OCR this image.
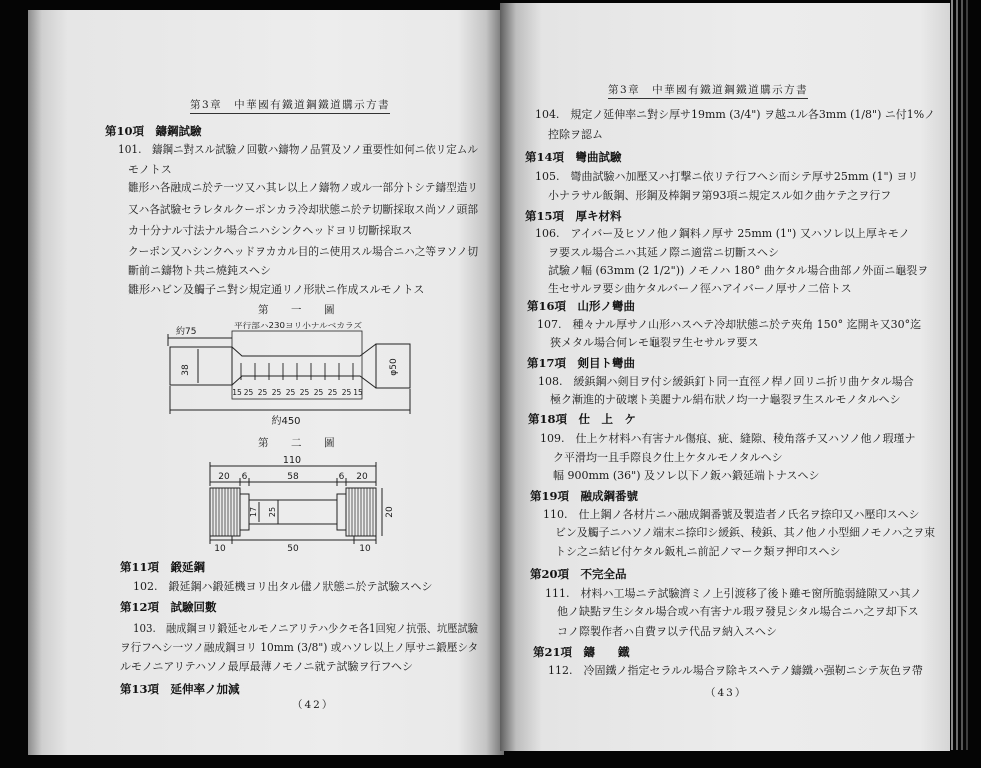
第3章　中華國有鐵道鋼鐵道購示方書
第10項　鑄鋼試驗
101.　鑄鋼ニ對スル試驗ノ回數ハ鑄物ノ品質及ソノ重要性如何ニ依リ定ムル
モノトス
雛形ハ各融成ニ於テ一ツ又ハ其レ以上ノ鑄物ノ或ル一部分トシテ鑄型造リ
又ハ各試驗セラレタルクーポンカラ冷却狀態ニ於テ切斷採取ス尚ソノ頭部
カ十分ナル寸法ナル場合ニハシンクヘッドヨリ切斷採取ス
クーポン又ハシンクヘッドヲカカル目的ニ使用スル場合ニハ之等ヲソノ切
斷前ニ鑄物ト共ニ燒鈍スヘシ
雛形ハビン及觸子ニ對シ規定通リノ形狀ニ作成スルモノトス
第　一　圖
第　二　圖
第11項　鍛延鋼
102.　鍛延鋼ハ鍛延機ヨリ出タル儘ノ狀態ニ於テ試驗スヘシ
第12項　試驗回數
103.　融成鋼ヨリ鍛延セルモノニアリテハ少クモ各1回宛ノ抗張、坑壓試驗
ヲ行フヘシ一ツノ融成鋼ヨリ 10mm (3/8") 或ハソレ以上ノ厚サニ鍛壓シタ
ルモノニアリテハソノ最厚最薄ノモノニ就テ試驗ヲ行フヘシ
第13項　延伸率ノ加減
（42）
第3章　中華國有鐵道鋼鐵道購示方書
104.　規定ノ延伸率ニ對シ厚サ19mm (3/4") ヲ越ユル各3mm (1/8") ニ付1%ノ
控除ヲ認ム
第14項　彎曲試驗
105.　彎曲試驗ハ加壓又ハ打撃ニ依リテ行フヘシ而シテ厚サ25mm (1") ヨリ
小ナラサル飯鋼、形鋼及棒鋼ヲ第93項ニ規定スル如ク曲ケテ之ヲ行フ
第15項　厚キ材料
106.　アイバー及ヒソノ他ノ鋼料ノ厚サ 25mm (1") 又ハソレ以上厚キモノ
ヲ要スル場合ニハ其延ノ際ニ適當ニ切斷スヘシ
試驗ノ幅 (63mm (2 1/2")) ノモノハ 180° 曲ケタル場合曲部ノ外面ニ龜裂ヲ
生セサルヲ要シ曲ケタルバーノ徑ハアイバーノ厚サノ二倍トス
第16項　山形ノ彎曲
107.　種々ナル厚サノ山形ハスヘテ冷却狀態ニ於テ夾角 150° 迄開キ又30°迄
狹メタル場合何レモ龜裂ヲ生セサルヲ要ス
第17項　剣目ト彎曲
108.　緩鋲鋼ハ剣目ヲ付シ緩鋲釘ト同一直徑ノ桿ノ回リニ折リ曲ケタル場合
極ク漸進的ナ破壞ト美麗ナル絹布狀ノ均一ナ龜裂ヲ生スルモノタルヘシ
第18項　仕　上　ケ
109.　仕上ケ材料ハ有害ナル傷痕、疵、縫隙、稜角落チ又ハソノ他ノ瑕瑾ナ
ク平滑均一且手際良ク仕上ケタルモノタルヘシ
幅 900mm (36") 及ソレ以下ノ鈑ハ鍛延端トナスヘシ
第19項　融成鋼番號
110.　仕上鋼ノ各材片ニハ融成鋼番號及製造者ノ氏名ヲ捺印又ハ壓印スヘシ
ビン及觸子ニハソノ端末ニ捺印シ緩鋲、稜鋲、其ノ他ノ小型細ノモノハ之ヲ束
トシ之ニ結ビ付ケタル鈑札ニ前記ノマーク類ヲ押印スヘシ
第20項　不完全品
111.　材料ハ工場ニテ試驗濟ミノ上引渡移了後ト雖モ窗所脆弱縫隙又ハ其ノ
他ノ缺點ヲ生シタル場合或ハ有害ナル瑕ヲ發見シタル場合ニハ之ヲ却下ス
コノ際製作者ハ自費ヲ以テ代品ヲ納入スヘシ
第21項　鑄　　鐵
112.　冷固鐵ノ指定セラルル場合ヲ除キスヘテノ鑄鐵ハ强靭ニシテ灰色ヲ帶
（43）
約75
38	φ50
平行部ハ230ヨリ小ナルベカラズ
15 25 25 25 25 25 25 25 25 15
約450
110
20 6	58	6 20
17 25	20
10	50	10
